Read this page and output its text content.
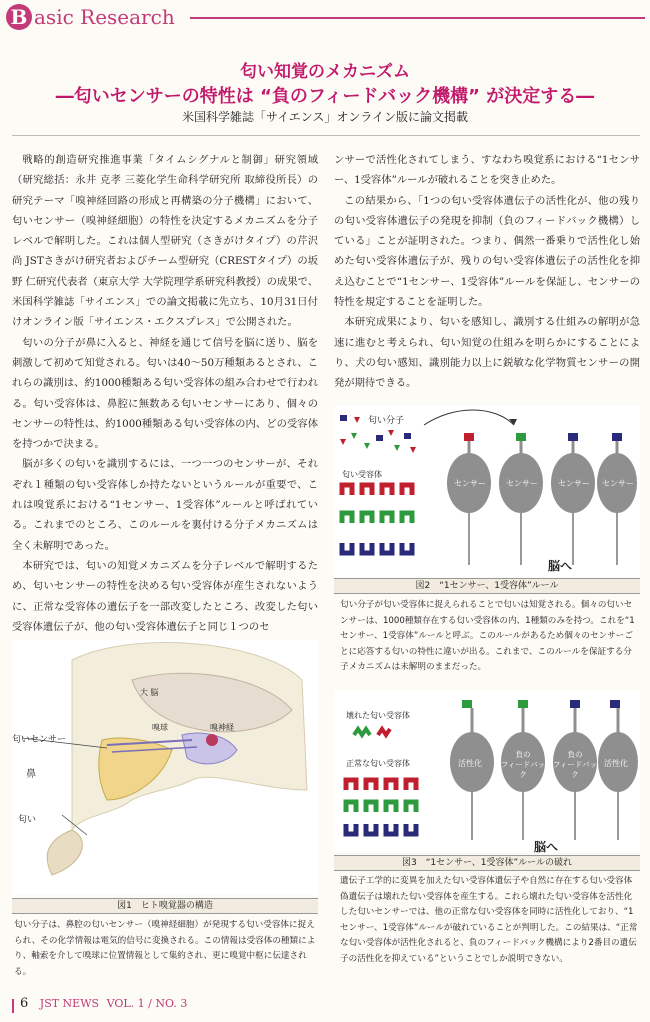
B asic Research
匂い知覚のメカニズム
―匂いセンサーの特性は “負のフィードバック機構” が決定する―
米国科学雑誌「サイエンス」オンライン版に論文掲載

戦略的創造研究推進事業「タイムシグナルと制御」研究領域（研究総括：永井 克孝 三菱化学生命科学研究所 取締役所長）の研究テーマ「嗅神経回路の形成と再構築の分子機構」において、匂いセンサー（嗅神経細胞）の特性を決定するメカニズムを分子レベルで解明した。これは個人型研究（さきがけタイプ）の芹沢 尚 JSTさきがけ研究者およびチーム型研究（CRESTタイプ）の坂野 仁研究代表者（東京大学 大学院理学系研究科教授）の成果で、米国科学雑誌「サイエンス」での論文掲載に先立ち、10月31日付けオンライン版「サイエンス・エクスプレス」で公開された。

匂いの分子が鼻に入ると、神経を通じて信号を脳に送り、脳を刺激して初めて知覚される。匂いは40～50万種類あるとされ、これらの識別は、約1000種類ある匂い受容体の組み合わせで行われる。匂い受容体は、鼻腔に無数ある匂いセンサーにあり、個々のセンサーの特性は、約1000種類ある匂い受容体の内、どの受容体を持つかで決まる。

脳が多くの匂いを識別するには、一つ一つのセンサーが、それぞれ１種類の匂い受容体しか持たないというルールが重要で、これは嗅覚系における“1センサー、1受容体”ルールと呼ばれている。これまでのところ、このルールを裏付ける分子メカニズムは全く未解明であった。

本研究では、匂いの知覚メカニズムを分子レベルで解明するため、匂いセンサーの特性を決める匂い受容体が産生されないように、正常な受容体の遺伝子を一部改変したところ、改変した匂い受容体遺伝子が、他の匂い受容体遺伝子と同じ１つのセ

ンサーで活性化されてしまう、すなわち嗅覚系における“1センサー、1受容体”ルールが破れることを突き止めた。

この結果から、「1つの匂い受容体遺伝子の活性化が、他の残りの匂い受容体遺伝子の発現を抑制（負のフィードバック機構）している」ことが証明された。つまり、偶然一番乗りで活性化し始めた匂い受容体遺伝子が、残りの匂い受容体遺伝子の活性化を抑え込むことで“1センサー、1受容体”ルールを保証し、センサーの特性を規定することを証明した。

本研究成果により、匂いを感知し、識別する仕組みの解明が急速に進むと考えられ、匂い知覚の仕組みを明らかにすることにより、犬の匂い感知、識別能力以上に鋭敏な化学物質センサーの開発が期待できる。

大 脳
嗅球	嗅神経
匂いセンサー
鼻
匂い
図1　ヒト嗅覚器の構造
匂い分子は、鼻腔の匂いセンサー（嗅神経細胞）が発現する匂い受容体に捉えられ、その化学情報は電気的信号に変換される。この情報は受容体の種類により、軸索を介して嗅球に位置情報として集約され、更に嗅覚中枢に伝達される。
匂い分子
匂い受容体
センサー	センサー	センサー センサー
脳へ
図2　“1センサー、1受容体”ルール
匂い分子が匂い受容体に捉えられることで匂いは知覚される。個々の匂いセンサーは、1000種類存在する匂い受容体の内、1種類のみを持つ。これを“1センサー、1受容体”ルールと呼ぶ。このルールがあるため個々のセンサーごとに応答する匂いの特性に違いが出る。これまで、このルールを保証する分子メカニズムは未解明のままだった。
壊れた匂い受容体
正常な匂い受容体	活性化
負の
フィードバック
負の
フィードバック
活性化
脳へ
図3　“1センサー、1受容体”ルールの破れ
遺伝子工学的に変異を加えた匂い受容体遺伝子や自然に存在する匂い受容体偽遺伝子は壊れた匂い受容体を産生する。これら壊れた匂い受容体を活性化した匂いセンサーでは、他の正常な匂い受容体を同時に活性化しており、“1センサー、1受容体”ルールが破れていることが判明した。この結果は、“正常な匂い受容体が活性化されると、負のフィードバック機構により2番目の遺伝子の活性化を抑えている”ということでしか説明できない。
6 JST NEWS VOL. 1 / NO. 3
